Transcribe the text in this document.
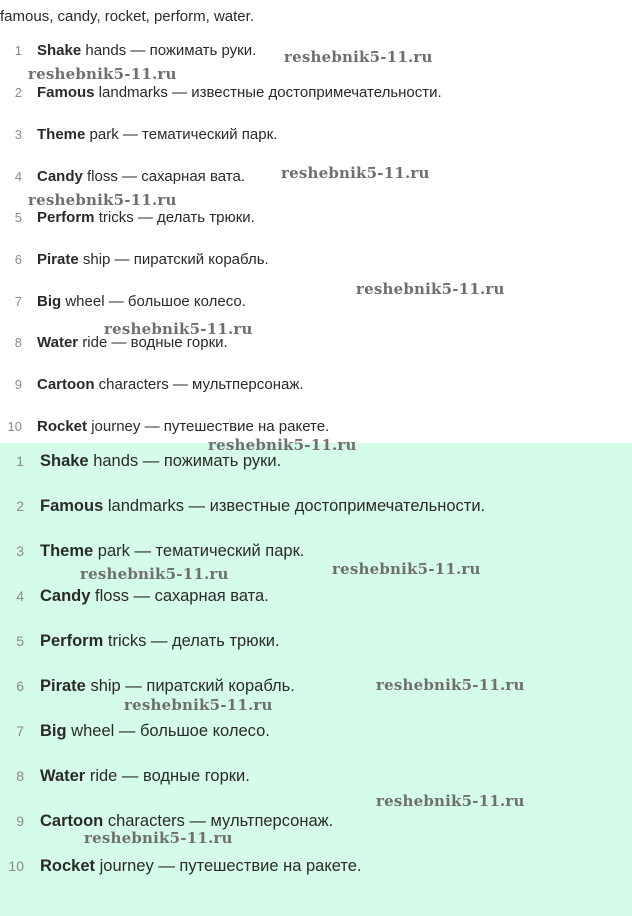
famous, candy, rocket, perform, water.
1 Shake hands — пожимать руки.
2 Famous landmarks — известные достопримечательности.
3 Theme park — тематический парк.
4 Candy floss — сахарная вата.
5 Perform tricks — делать трюки.
6 Pirate ship — пиратский корабль.
7 Big wheel — большое колесо.
8 Water ride — водные горки.
9 Cartoon characters — мультперсонаж.
10 Rocket journey — путешествие на ракете.
1 Shake hands — пожимать руки.
2 Famous landmarks — известные достопримечательности.
3 Theme park — тематический парк.
4 Candy floss — сахарная вата.
5 Perform tricks — делать трюки.
6 Pirate ship — пиратский корабль.
7 Big wheel — большое колесо.
8 Water ride — водные горки.
9 Cartoon characters — мультперсонаж.
10 Rocket journey — путешествие на ракете.
reshebnik5-11.ru
reshebnik5-11.ru
reshebnik5-11.ru
reshebnik5-11.ru
reshebnik5-11.ru
reshebnik5-11.ru
reshebnik5-11.ru
reshebnik5-11.ru	reshebnik5-11.ru
reshebnik5-11.ru
reshebnik5-11.ru
reshebnik5-11.ru
reshebnik5-11.ru
